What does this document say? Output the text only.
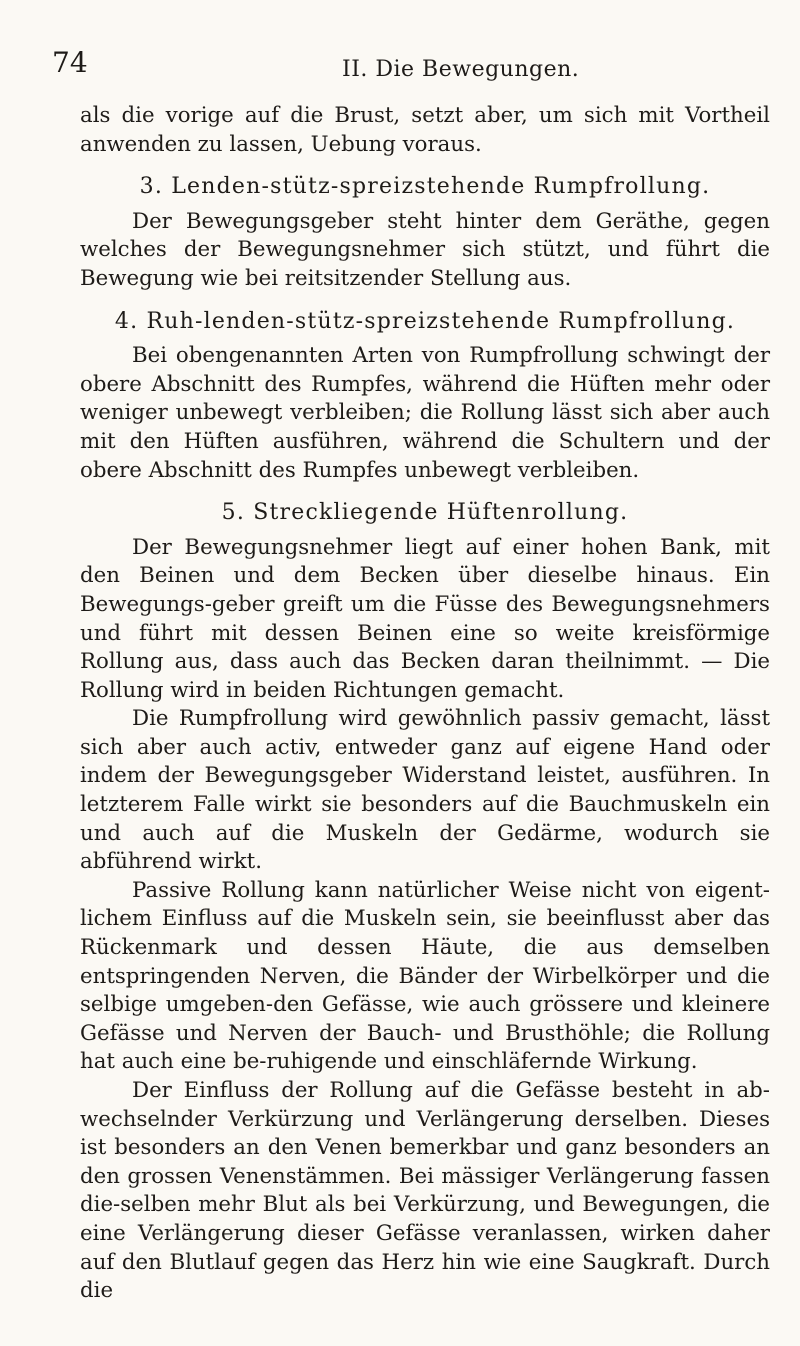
74	II. Die Bewegungen.

als die vorige auf die Brust, setzt aber, um sich mit Vortheil anwenden zu lassen, Uebung voraus.

3. Lenden-stütz-spreizstehende Rumpfrollung.

Der Bewegungsgeber steht hinter dem Geräthe, gegen welches der Bewegungsnehmer sich stützt, und führt die Bewegung wie bei reitsitzender Stellung aus.

4. Ruh-lenden-stütz-spreizstehende Rumpfrollung.

Bei obengenannten Arten von Rumpfrollung schwingt der obere Abschnitt des Rumpfes, während die Hüften mehr oder weniger unbewegt verbleiben; die Rollung lässt sich aber auch mit den Hüften ausführen, während die Schultern und der obere Abschnitt des Rumpfes unbewegt verbleiben.

5. Streckliegende Hüftenrollung.

Der Bewegungsnehmer liegt auf einer hohen Bank, mit den Beinen und dem Becken über dieselbe hinaus. Ein Bewegungs-geber greift um die Füsse des Bewegungsnehmers und führt mit dessen Beinen eine so weite kreisförmige Rollung aus, dass auch das Becken daran theilnimmt. — Die Rollung wird in beiden Richtungen gemacht.

Die Rumpfrollung wird gewöhnlich passiv gemacht, lässt sich aber auch activ, entweder ganz auf eigene Hand oder indem der Bewegungsgeber Widerstand leistet, ausführen. In letzterem Falle wirkt sie besonders auf die Bauchmuskeln ein und auch auf die Muskeln der Gedärme, wodurch sie abführend wirkt.

Passive Rollung kann natürlicher Weise nicht von eigent-lichem Einfluss auf die Muskeln sein, sie beeinflusst aber das Rückenmark und dessen Häute, die aus demselben entspringenden Nerven, die Bänder der Wirbelkörper und die selbige umgeben-den Gefässe, wie auch grössere und kleinere Gefässe und Nerven der Bauch- und Brusthöhle; die Rollung hat auch eine be-ruhigende und einschläfernde Wirkung.

Der Einfluss der Rollung auf die Gefässe besteht in ab-wechselnder Verkürzung und Verlängerung derselben. Dieses ist besonders an den Venen bemerkbar und ganz besonders an den grossen Venenstämmen. Bei mässiger Verlängerung fassen die-selben mehr Blut als bei Verkürzung, und Bewegungen, die eine Verlängerung dieser Gefässe veranlassen, wirken daher auf den Blutlauf gegen das Herz hin wie eine Saugkraft. Durch die
